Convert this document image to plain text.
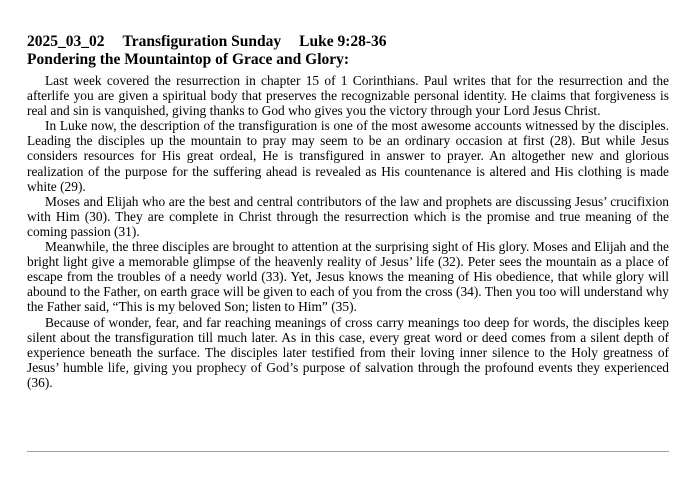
2025_03_02 Transfiguration Sunday Luke 9:28-36
Pondering the Mountaintop of Grace and Glory:

Last week covered the resurrection in chapter 15 of 1 Corinthians. Paul writes that for the resurrection and the afterlife you are given a spiritual body that preserves the recognizable personal identity. He claims that forgiveness is real and sin is vanquished, giving thanks to God who gives you the victory through your Lord Jesus Christ.

In Luke now, the description of the transfiguration is one of the most awesome accounts witnessed by the disciples. Leading the disciples up the mountain to pray may seem to be an ordinary occasion at first (28). But while Jesus considers resources for His great ordeal, He is transfigured in answer to prayer. An altogether new and glorious realization of the purpose for the suffering ahead is revealed as His countenance is altered and His clothing is made white (29).

Moses and Elijah who are the best and central contributors of the law and prophets are discussing Jesus’ crucifixion with Him (30). They are complete in Christ through the resurrection which is the promise and true meaning of the coming passion (31).

Meanwhile, the three disciples are brought to attention at the surprising sight of His glory. Moses and Elijah and the bright light give a memorable glimpse of the heavenly reality of Jesus’ life (32). Peter sees the mountain as a place of escape from the troubles of a needy world (33). Yet, Jesus knows the meaning of His obedience, that while glory will abound to the Father, on earth grace will be given to each of you from the cross (34). Then you too will understand why the Father said, “This is my beloved Son; listen to Him” (35).

Because of wonder, fear, and far reaching meanings of cross carry meanings too deep for words, the disciples keep silent about the transfiguration till much later. As in this case, every great word or deed comes from a silent depth of experience beneath the surface. The disciples later testified from their loving inner silence to the Holy greatness of Jesus’ humble life, giving you prophecy of God’s purpose of salvation through the profound events they experienced (36).
